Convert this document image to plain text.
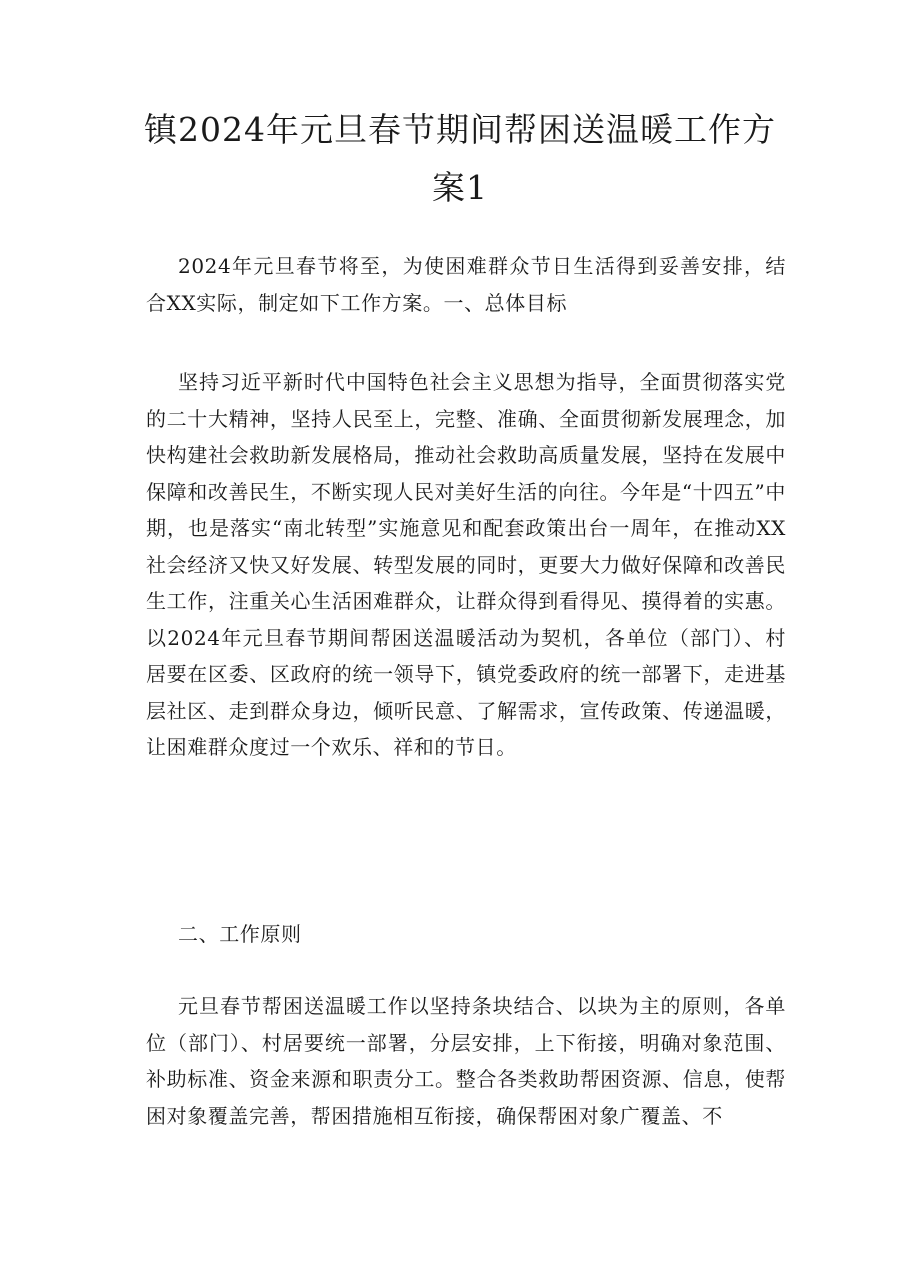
镇2024年元旦春节期间帮困送温暖工作方
案1

2024年元旦春节将至，为使困难群众节日生活得到妥善安排，结合XX实际，制定如下工作方案。一、总体目标

坚持习近平新时代中国特色社会主义思想为指导，全面贯彻落实党的二十大精神，坚持人民至上，完整、准确、全面贯彻新发展理念，加快构建社会救助新发展格局，推动社会救助高质量发展，坚持在发展中保障和改善民生，不断实现人民对美好生活的向往。今年是“十四五”中期，也是落实“南北转型”实施意见和配套政策出台一周年，在推动XX社会经济又快又好发展、转型发展的同时，更要大力做好保障和改善民生工作，注重关心生活困难群众，让群众得到看得见、摸得着的实惠。以2024年元旦春节期间帮困送温暖活动为契机，各单位（部门）、村居要在区委、区政府的统一领导下，镇党委政府的统一部署下，走进基层社区、走到群众身边，倾听民意、了解需求，宣传政策、传递温暖，让困难群众度过一个欢乐、祥和的节日。

二、工作原则

元旦春节帮困送温暖工作以坚持条块结合、以块为主的原则，各单位（部门）、村居要统一部署，分层安排，上下衔接，明确对象范围、补助标准、资金来源和职责分工。整合各类救助帮困资源、信息，使帮困对象覆盖完善，帮困措施相互衔接，确保帮困对象广覆盖、不
